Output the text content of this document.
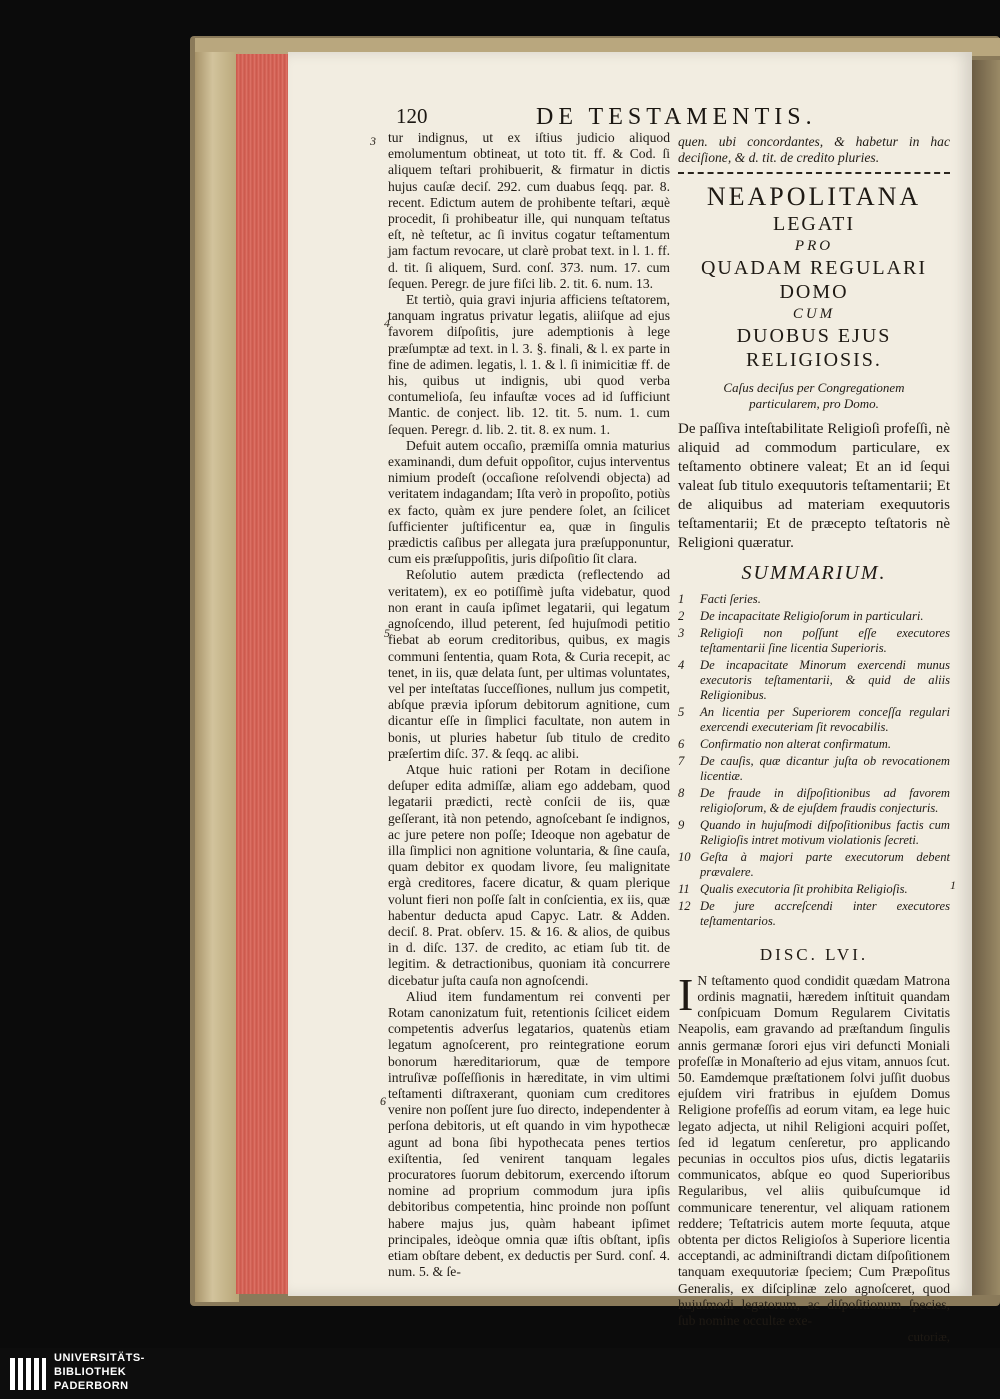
120	DE TESTAMENTIS.
3
4
5
6
1

tur indignus, ut ex iſtius judicio aliquod emolumentum obtineat, ut toto tit. ff. & Cod. ſi aliquem teſtari prohibuerit, & firmatur in dictis hujus cauſæ deciſ. 292. cum duabus ſeqq. par. 8. recent. Edictum autem de prohibente teſtari, æquè procedit, ſi prohibeatur ille, qui nunquam teſtatus eſt, nè teſtetur, ac ſi invitus cogatur teſtamentum jam factum revocare, ut clarè probat text. in l. 1. ff. d. tit. ſi aliquem, Surd. conſ. 373. num. 17. cum ſequen. Peregr. de jure fiſci lib. 2. tit. 6. num. 13.

Et tertiò, quia gravi injuria afficiens teſtatorem, tanquam ingratus privatur legatis, aliiſque ad ejus favorem diſpoſitis, jure ademptionis à lege præſumptæ ad text. in l. 3. §. finali, & l. ex parte in fine de adimen. legatis, l. 1. & l. ſi inimicitiæ ff. de his, quibus ut indignis, ubi quod verba contumelioſa, ſeu infauſtæ voces ad id ſufficiunt Mantic. de conject. lib. 12. tit. 5. num. 1. cum ſequen. Peregr. d. lib. 2. tit. 8. ex num. 1.

Defuit autem occaſio, præmiſſa omnia maturius examinandi, dum defuit oppoſitor, cujus interventus nimium prodeſt (occaſione reſolvendi objecta) ad veritatem indagandam; Iſta verò in propoſito, potiùs ex facto, quàm ex jure pendere ſolet, an ſcilicet ſufficienter juſtificentur ea, quæ in ſingulis prædictis caſibus per allegata jura præſupponuntur, cum eis præſuppoſitis, juris diſpoſitio ſit clara.

Reſolutio autem prædicta (reflectendo ad veritatem), ex eo potiſſimè juſta videbatur, quod non erant in cauſa ipſimet legatarii, qui legatum agnoſcendo, illud peterent, ſed hujuſmodi petitio fiebat ab eorum creditoribus, quibus, ex magis communi ſententia, quam Rota, & Curia recepit, ac tenet, in iis, quæ delata ſunt, per ultimas voluntates, vel per inteſtatas ſucceſſiones, nullum jus competit, abſque prævia ipſorum debitorum agnitione, cum dicantur eſſe in ſimplici facultate, non autem in bonis, ut pluries habetur ſub titulo de credito præſertim diſc. 37. & ſeqq. ac alibi.

Atque huic rationi per Rotam in deciſione deſuper edita admiſſæ, aliam ego addebam, quod legatarii prædicti, rectè conſcii de iis, quæ geſſerant, ità non petendo, agnoſcebant ſe indignos, ac jure petere non poſſe; Ideoque non agebatur de illa ſimplici non agnitione voluntaria, & ſine cauſa, quam debitor ex quodam livore, ſeu malignitate ergà creditores, facere dicatur, & quam plerique volunt fieri non poſſe ſalt in conſcientia, ex iis, quæ habentur deducta apud Capyc. Latr. & Adden. deciſ. 8. Prat. obſerv. 15. & 16. & alios, de quibus in d. diſc. 137. de credito, ac etiam ſub tit. de legitim. & detractionibus, quoniam ità concurrere dicebatur juſta cauſa non agnoſcendi.

Aliud item fundamentum rei conventi per Rotam canonizatum fuit, retentionis ſcilicet eidem competentis adverſus legatarios, quatenùs etiam legatum agnoſcerent, pro reintegratione eorum bonorum hæreditariorum, quæ de tempore intruſivæ poſſeſſionis in hæreditate, in vim ultimi teſtamenti diſtraxerant, quoniam cum creditores venire non poſſent jure ſuo directo, independenter à perſona debitoris, ut eſt quando in vim hypothecæ agunt ad bona ſibi hypothecata penes tertios exiſtentia, ſed venirent tanquam legales procuratores ſuorum debitorum, exercendo iſtorum nomine ad proprium commodum jura ipſis debitoribus competentia, hinc proinde non poſſunt habere majus jus, quàm habeant ipſimet principales, ideòque omnia quæ iſtis obſtant, ipſis etiam obſtare debent, ex deductis per Surd. conſ. 4. num. 5. & ſe-

quen. ubi concordantes, & habetur in hac deciſione, & d. tit. de credito pluries.

NEAPOLITANA
LEGATI
PRO
QUADAM REGULARI DOMO
CUM
DUOBUS EJUS RELIGIOSIS.
Caſus deciſus per Congregationem particularem, pro Domo.

De paſſiva inteſtabilitate Religioſi profeſſi, nè aliquid ad commodum particulare, ex teſtamento obtinere valeat; Et an id ſequi valeat ſub titulo exequutoris teſtamentarii; Et de aliquibus ad materiam exequutoris teſtamentarii; Et de præcepto teſtatoris nè Religioni quæratur.

SUMMARIUM.
1 Facti ſeries.
2 De incapacitate Religioſorum in particulari.
3 Religioſi non poſſunt eſſe executores teſtamentarii ſine licentia Superioris.
4 De incapacitate Minorum exercendi munus executoris teſtamentarii, & quid de aliis Religionibus.
5 An licentia per Superiorem conceſſa regulari exercendi executeriam ſit revocabilis.
6 Confirmatio non alterat confirmatum.
7 De cauſis, quæ dicantur juſta ob revocationem licentiæ.
8 De fraude in diſpoſitionibus ad favorem religioſorum, & de ejuſdem fraudis conjecturis.
9 Quando in hujuſmodi diſpoſitionibus factis cum Religioſis intret motivum violationis ſecreti.
10 Geſta à majori parte executorum debent prævalere.
11 Qualis executoria ſit prohibita Religioſis.
12 De jure accreſcendi inter executores teſtamentarios.
DISC. LVI.

I N teſtamento quod condidit quædam Matrona ordinis magnatii, hæredem inſtituit quandam conſpicuam Domum Regularem Civitatis Neapolis, eam gravando ad præſtandum ſingulis annis germanæ ſorori ejus viri defuncti Moniali profeſſæ in Monaſterio ad ejus vitam, annuos ſcut. 50. Eamdemque præſtationem ſolvi juſſit duobus ejuſdem viri fratribus in ejuſdem Domus Religione profeſſis ad eorum vitam, ea lege huic legato adjecta, ut nihil Religioni acquiri poſſet, ſed id legatum cenſeretur, pro applicando pecunias in occultos pios uſus, dictis legatariis communicatos, abſque eo quod Superioribus Regularibus, vel aliis quibuſcumque id communicare tenerentur, vel aliquam rationem reddere; Teſtatricis autem morte ſequuta, atque obtenta per dictos Religioſos à Superiore licentia acceptandi, ac adminiſtrandi dictam diſpoſitionem tanquam exequutoriæ ſpeciem; Cum Præpoſitus Generalis, ex diſciplinæ zelo agnoſceret, quod hujuſmodi legatorum, ac diſpoſitionum ſpecies, ſub nomine occultæ exe-

cutoriæ,
UNIVERSITÄTS-
BIBLIOTHEK
PADERBORN
